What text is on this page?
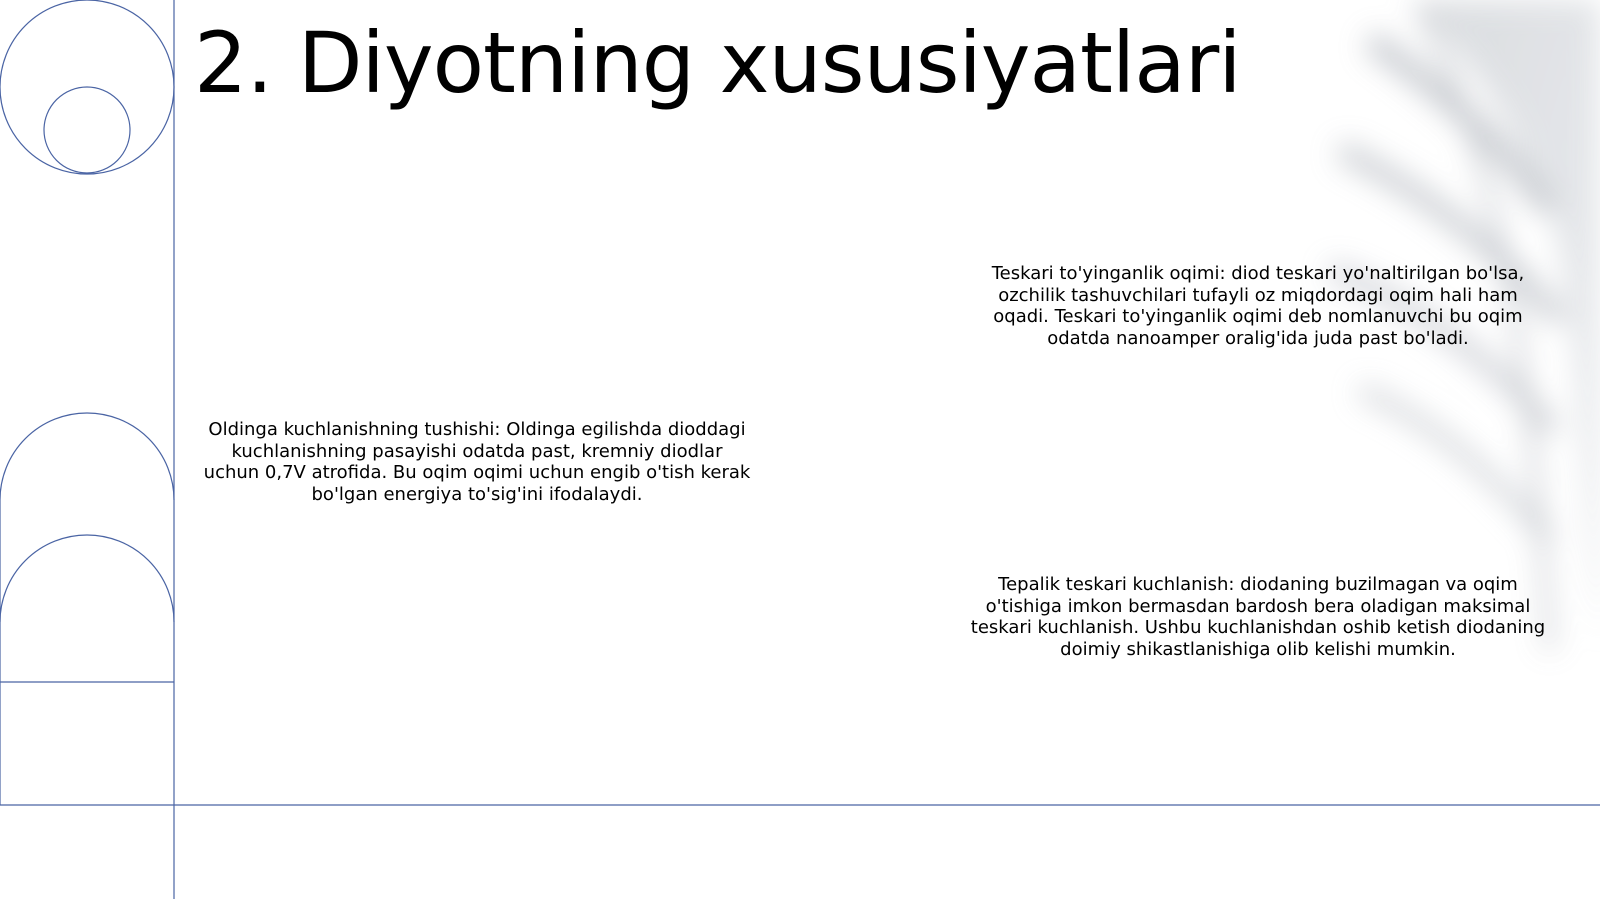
2. Diyotning xususiyatlari

Oldinga kuchlanishning tushishi: Oldinga egilishda dioddagi kuchlanishning pasayishi odatda past, kremniy diodlar uchun 0,7V atrofida. Bu oqim oqimi uchun engib o'tish kerak bo'lgan energiya to'sig'ini ifodalaydi.

Teskari to'yinganlik oqimi: diod teskari yo'naltirilgan bo'lsa, ozchilik tashuvchilari tufayli oz miqdordagi oqim hali ham oqadi. Teskari to'yinganlik oqimi deb nomlanuvchi bu oqim odatda nanoamper oralig'ida juda past bo'ladi.

Tepalik teskari kuchlanish: diodaning buzilmagan va oqim o'tishiga imkon bermasdan bardosh bera oladigan maksimal teskari kuchlanish. Ushbu kuchlanishdan oshib ketish diodaning doimiy shikastlanishiga olib kelishi mumkin.
